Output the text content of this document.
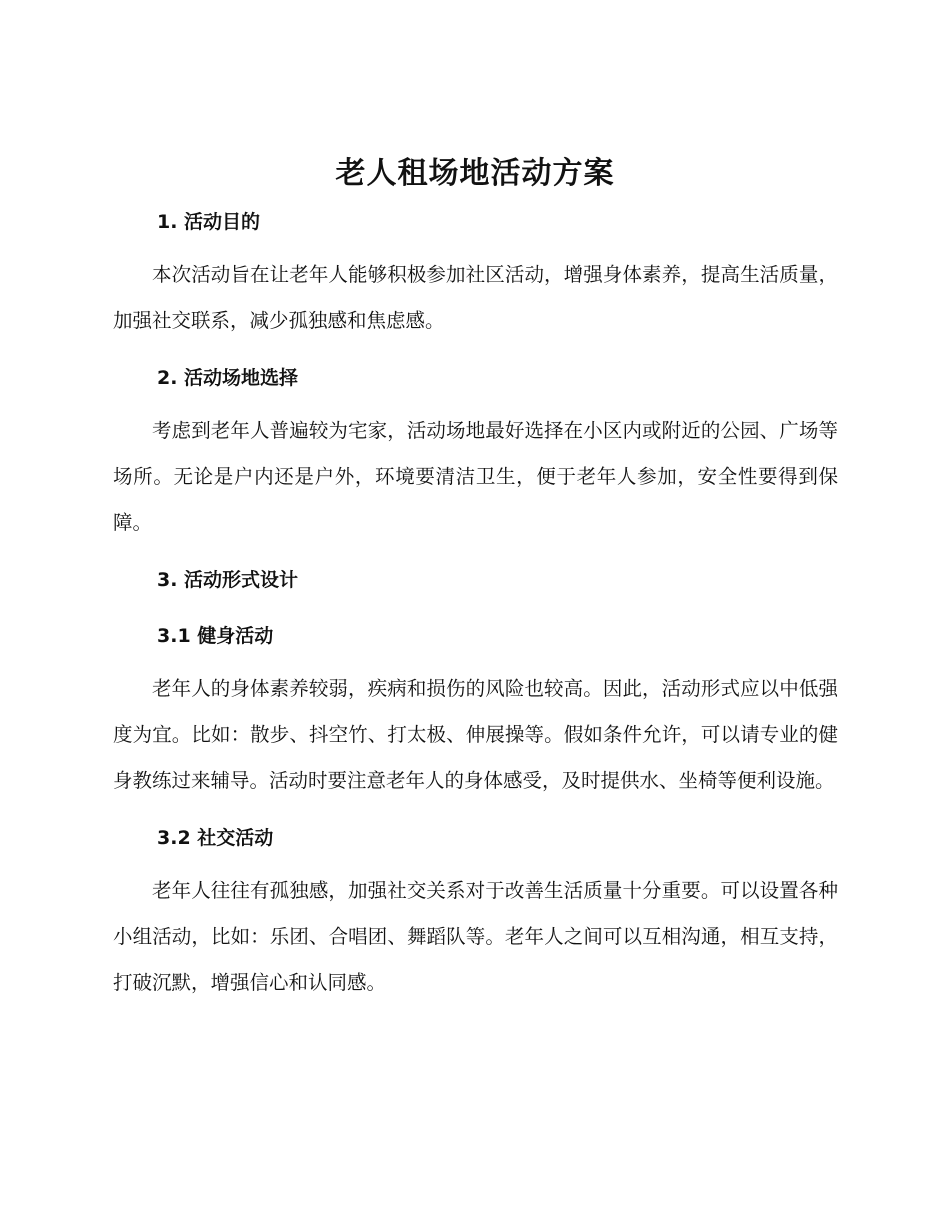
老人租场地活动方案
1. 活动目的

本次活动旨在让老年人能够积极参加社区活动，增强身体素养，提高生活质量，加强社交联系，减少孤独感和焦虑感。

2. 活动场地选择

考虑到老年人普遍较为宅家，活动场地最好选择在小区内或附近的公园、广场等场所。无论是户内还是户外，环境要清洁卫生，便于老年人参加，安全性要得到保障。

3. 活动形式设计
3.1 健身活动

老年人的身体素养较弱，疾病和损伤的风险也较高。因此，活动形式应以中低强度为宜。比如：散步、抖空竹、打太极、伸展操等。假如条件允许，可以请专业的健身教练过来辅导。活动时要注意老年人的身体感受，及时提供水、坐椅等便利设施。

3.2 社交活动

老年人往往有孤独感，加强社交关系对于改善生活质量十分重要。可以设置各种小组活动，比如：乐团、合唱团、舞蹈队等。老年人之间可以互相沟通，相互支持，打破沉默，增强信心和认同感。
